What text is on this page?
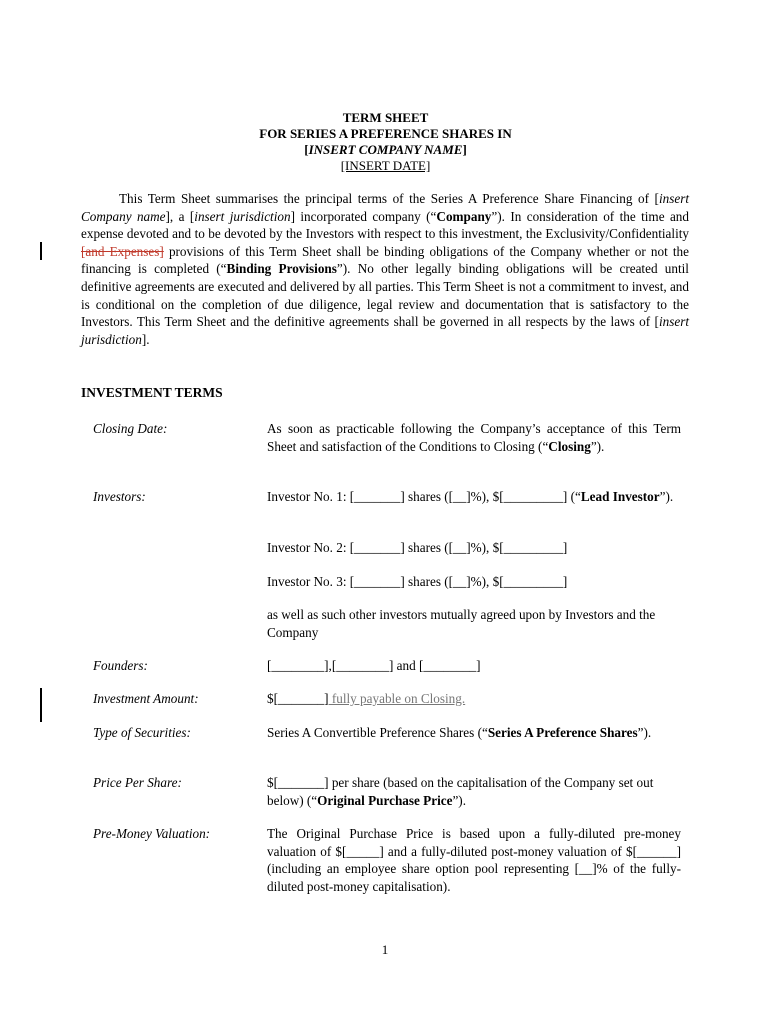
TERM SHEET
FOR SERIES A PREFERENCE SHARES IN
[INSERT COMPANY NAME]
[INSERT DATE]
This Term Sheet summarises the principal terms of the Series A Preference Share Financing of [insert Company name], a [insert jurisdiction] incorporated company (“Company”). In consideration of the time and expense devoted and to be devoted by the Investors with respect to this investment, the Exclusivity/Confidentiality [and Expenses] provisions of this Term Sheet shall be binding obligations of the Company whether or not the financing is completed (“Binding Provisions”). No other legally binding obligations will be created until definitive agreements are executed and delivered by all parties. This Term Sheet is not a commitment to invest, and is conditional on the completion of due diligence, legal review and documentation that is satisfactory to the Investors. This Term Sheet and the definitive agreements shall be governed in all respects by the laws of [insert jurisdiction].
INVESTMENT TERMS
Closing Date:	As soon as practicable following the Company’s acceptance of this Term Sheet and satisfaction of the Conditions to Closing (“Closing”).
Investors:	Investor No. 1: [_______] shares ([__]%), $[_________] (“Lead Investor”).
Investor No. 2: [_______] shares ([__]%), $[_________]
Investor No. 3: [_______] shares ([__]%), $[_________]
as well as such other investors mutually agreed upon by Investors and the Company
Founders:	[________],[________] and [________]
Investment Amount:	$[_______] fully payable on Closing.
Type of Securities:	Series A Convertible Preference Shares (“Series A Preference Shares”).
Price Per Share:	$[_______] per share (based on the capitalisation of the Company set out below) (“Original Purchase Price”).
Pre-Money Valuation:	The Original Purchase Price is based upon a fully-diluted pre-money valuation of $[_____] and a fully-diluted post-money valuation of $[______] (including an employee share option pool representing [__]% of the fully-diluted post-money capitalisation).
1
